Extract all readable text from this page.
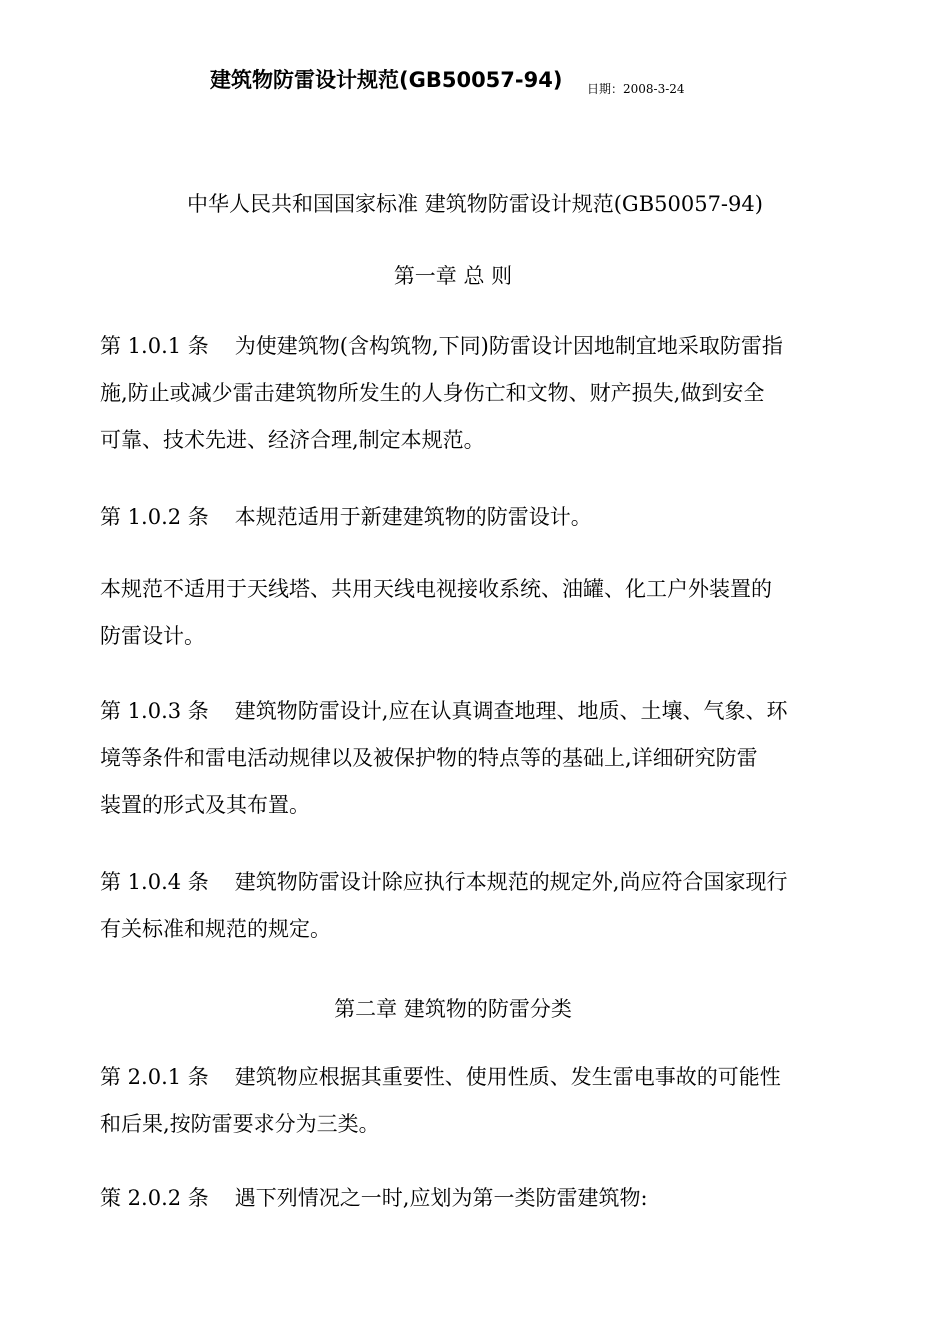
建筑物防雷设计规范(GB50057-94) 日期：2008-3-24
中华人民共和国国家标准 建筑物防雷设计规范(GB50057-94)
第一章 总 则
第 1.0.1 条 为使建筑物(含构筑物,下同)防雷设计因地制宜地采取防雷指
施,防止或减少雷击建筑物所发生的人身伤亡和文物、财产损失,做到安全
可靠、技术先进、经济合理,制定本规范。
第 1.0.2 条 本规范适用于新建建筑物的防雷设计。
本规范不适用于天线塔、共用天线电视接收系统、油罐、化工户外装置的
防雷设计。
第 1.0.3 条 建筑物防雷设计,应在认真调查地理、地质、土壤、气象、环
境等条件和雷电活动规律以及被保护物的特点等的基础上,详细研究防雷
装置的形式及其布置。
第 1.0.4 条 建筑物防雷设计除应执行本规范的规定外,尚应符合国家现行
有关标准和规范的规定。
第二章 建筑物的防雷分类
第 2.0.1 条 建筑物应根据其重要性、使用性质、发生雷电事故的可能性
和后果,按防雷要求分为三类。
策 2.0.2 条 遇下列情况之一时,应划为第一类防雷建筑物:
